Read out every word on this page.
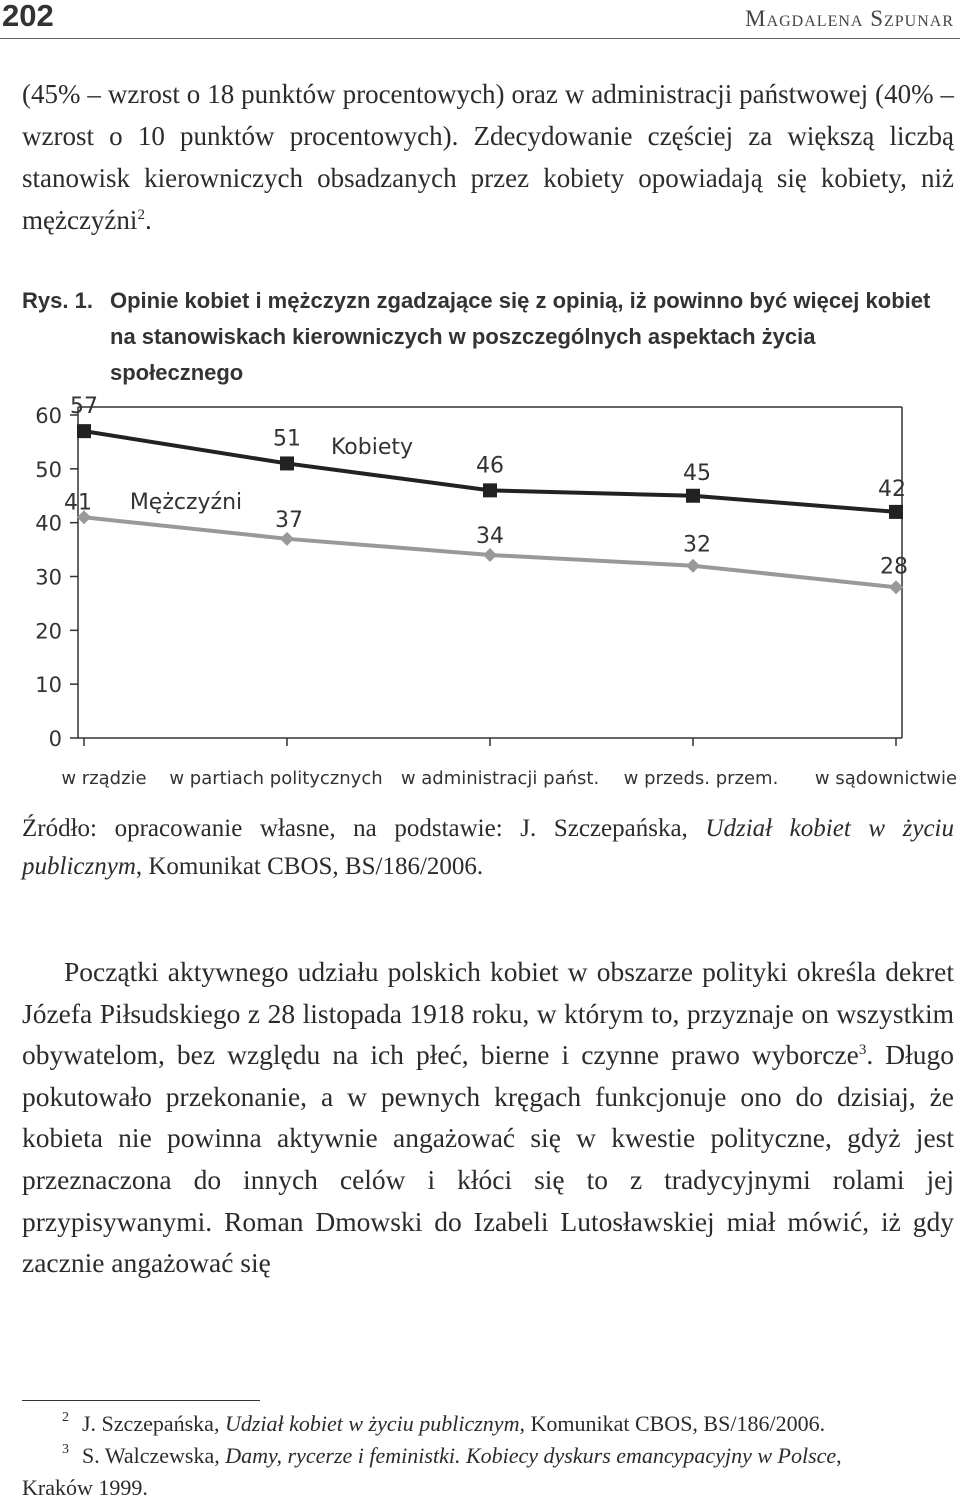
202	Magdalena Szpunar

(45% – wzrost o 18 punktów procentowych) oraz w administracji państwowej (40% – wzrost o 10 punktów procentowych). Zdecydowanie częściej za większą liczbą stanowisk kierowniczych obsadzanych przez kobiety opowiadają się kobiety, niż mężczyźni$^2$.

Rys. 1. Opinie kobiet i mężczyzn zgadzające się z opinią, iż powinno być więcej kobiet na stanowiskach kierowniczych w poszczególnych aspektach życia społecznego
0
10
20
30
40
50
60
w rządzie w partiach politycznych w administracji państ. w przeds. przem. w sądownictwie
57
51
46	45
42
41
37
34	32
28
Kobiety
Mężczyźni

Źródło: opracowanie własne, na podstawie: J. Szczepańska, Udział kobiet w życiu publicznym, Komunikat CBOS, BS/186/2006.

Początki aktywnego udziału polskich kobiet w obszarze polityki określa dekret Józefa Piłsudskiego z 28 listopada 1918 roku, w którym to, przyznaje on wszystkim obywatelom, bez względu na ich płeć, bierne i czynne prawo wyborcze$^3$. Długo pokutowało przekonanie, a w pewnych kręgach funkcjonuje ono do dzisiaj, że kobieta nie powinna aktywnie angażować się w kwestie polityczne, gdyż jest przeznaczona do innych celów i kłóci się to z tradycyjnymi rolami jej przypisywanymi. Roman Dmowski do Izabeli Lutosławskiej miał mówić, iż gdy zacznie angażować się

2 J. Szczepańska, Udział kobiet w życiu publicznym, Komunikat CBOS, BS/186/2006.
3 S. Walczewska, Damy, rycerze i feministki. Kobiecy dyskurs emancypacyjny w Polsce,
Kraków 1999.
